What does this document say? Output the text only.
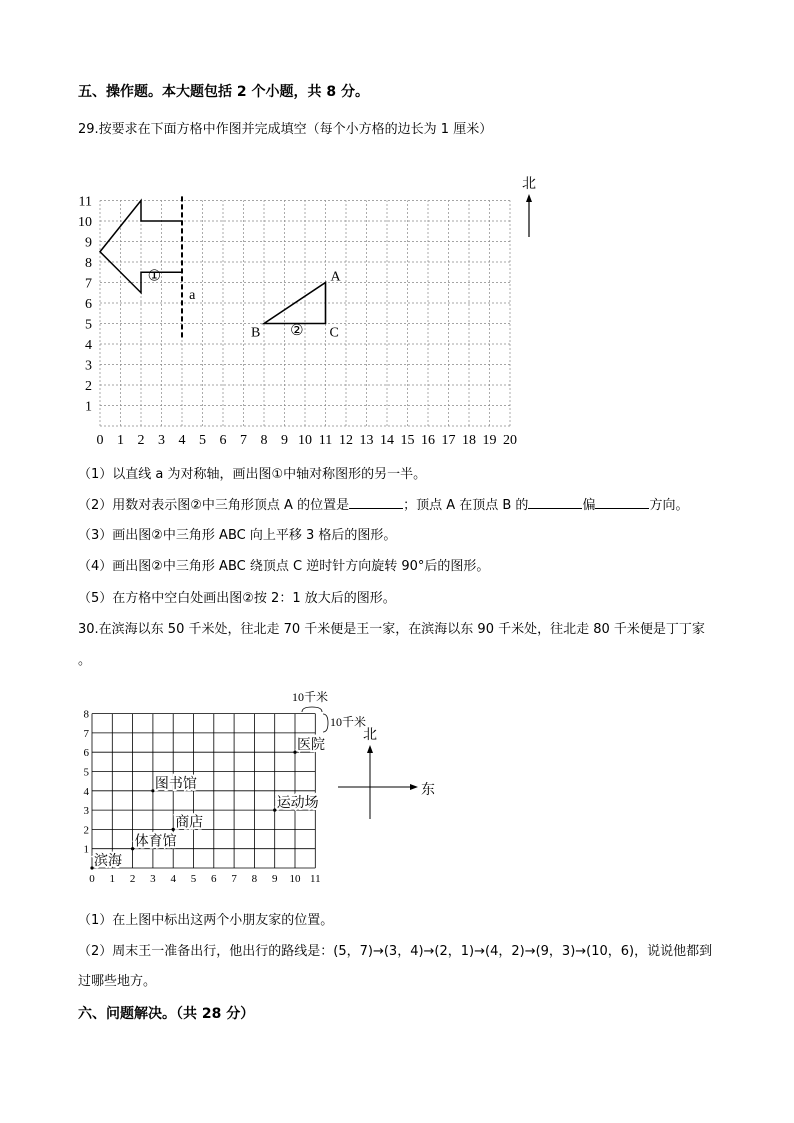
五、操作题。本大题包括 2 个小题，共 8 分。
29.按要求在下面方格中作图并完成填空（每个小方格的边长为 1 厘米）
0 1 2 3 4 5 6 7 8 9 10 11 12 13 14 15 16 17 18 19 20
1
2
3
4
5
6
7
8
9
10
11
a
①	A
B	C
②
北
（1）以直线 a 为对称轴，画出图①中轴对称图形的另一半。
（2）用数对表示图②中三角形顶点 A 的位置是	；顶点 A 在顶点 B 的	偏	方向。
（3）画出图②中三角形 ABC 向上平移 3 格后的图形。
（4）画出图②中三角形 ABC 绕顶点 C 逆时针方向旋转 90°后的图形。
（5）在方格中空白处画出图②按 2：1 放大后的图形。
30.在滨海以东 50 千米处，往北走 70 千米便是王一家，在滨海以东 90 千米处，往北走 80 千米便是丁丁家
。
0 1 2 3 4 5 6 7 8 9 10 11
1
2
3
4
5
6
7
8
医院
图书馆
运动场
商店
体育馆
滨海
10千米
10千米
北
东
（1）在上图中标出这两个小朋友家的位置。
（2）周末王一准备出行，他出行的路线是：(5，7)→(3，4)→(2，1)→(4，2)→(9，3)→(10，6)，说说他都到
过哪些地方。
六、问题解决。（共 28 分）
